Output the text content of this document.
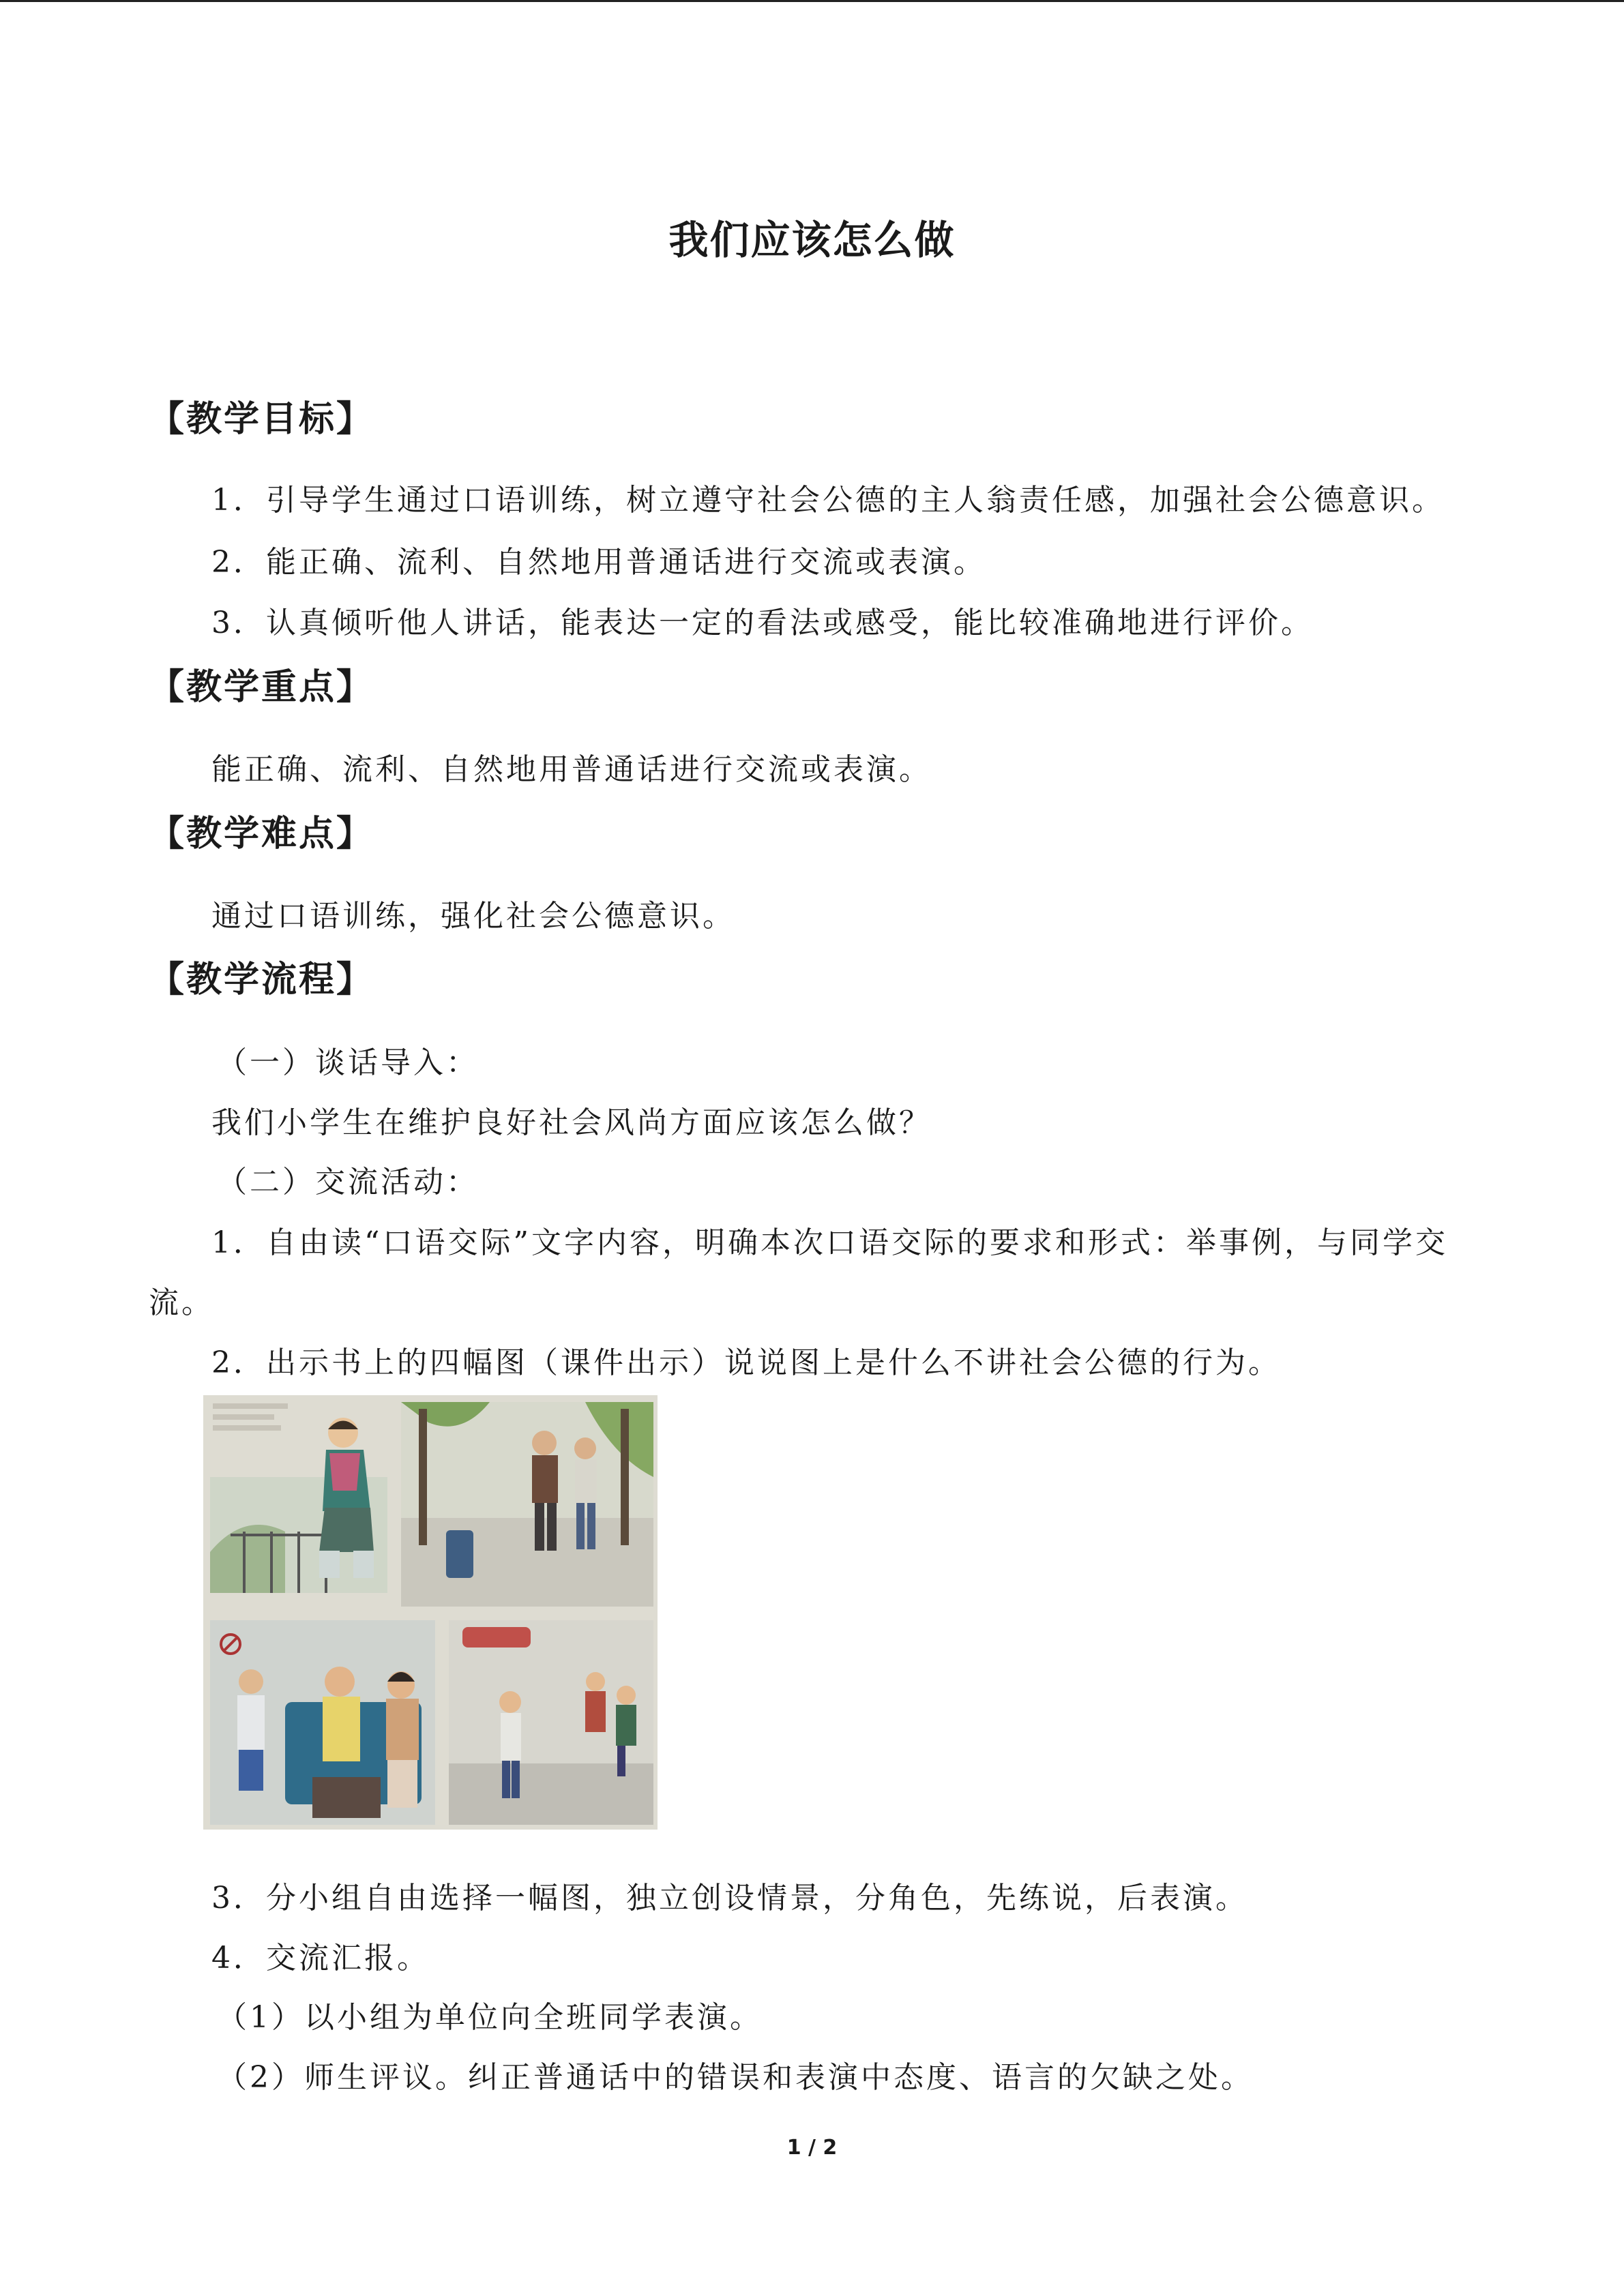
我们应该怎么做
【教学目标】
1．引导学生通过口语训练，树立遵守社会公德的主人翁责任感，加强社会公德意识。
2．能正确、流利、自然地用普通话进行交流或表演。
3．认真倾听他人讲话，能表达一定的看法或感受，能比较准确地进行评价。
【教学重点】
能正确、流利、自然地用普通话进行交流或表演。
【教学难点】
通过口语训练，强化社会公德意识。
【教学流程】
（一）谈话导入：
我们小学生在维护良好社会风尚方面应该怎么做？
（二）交流活动：
1．自由读“口语交际”文字内容，明确本次口语交际的要求和形式：举事例，与同学交
流。
2．出示书上的四幅图（课件出示）说说图上是什么不讲社会公德的行为。
3．分小组自由选择一幅图，独立创设情景，分角色，先练说，后表演。
4．交流汇报。
（1）以小组为单位向全班同学表演。
（2）师生评议。纠正普通话中的错误和表演中态度、语言的欠缺之处。
1 / 2
